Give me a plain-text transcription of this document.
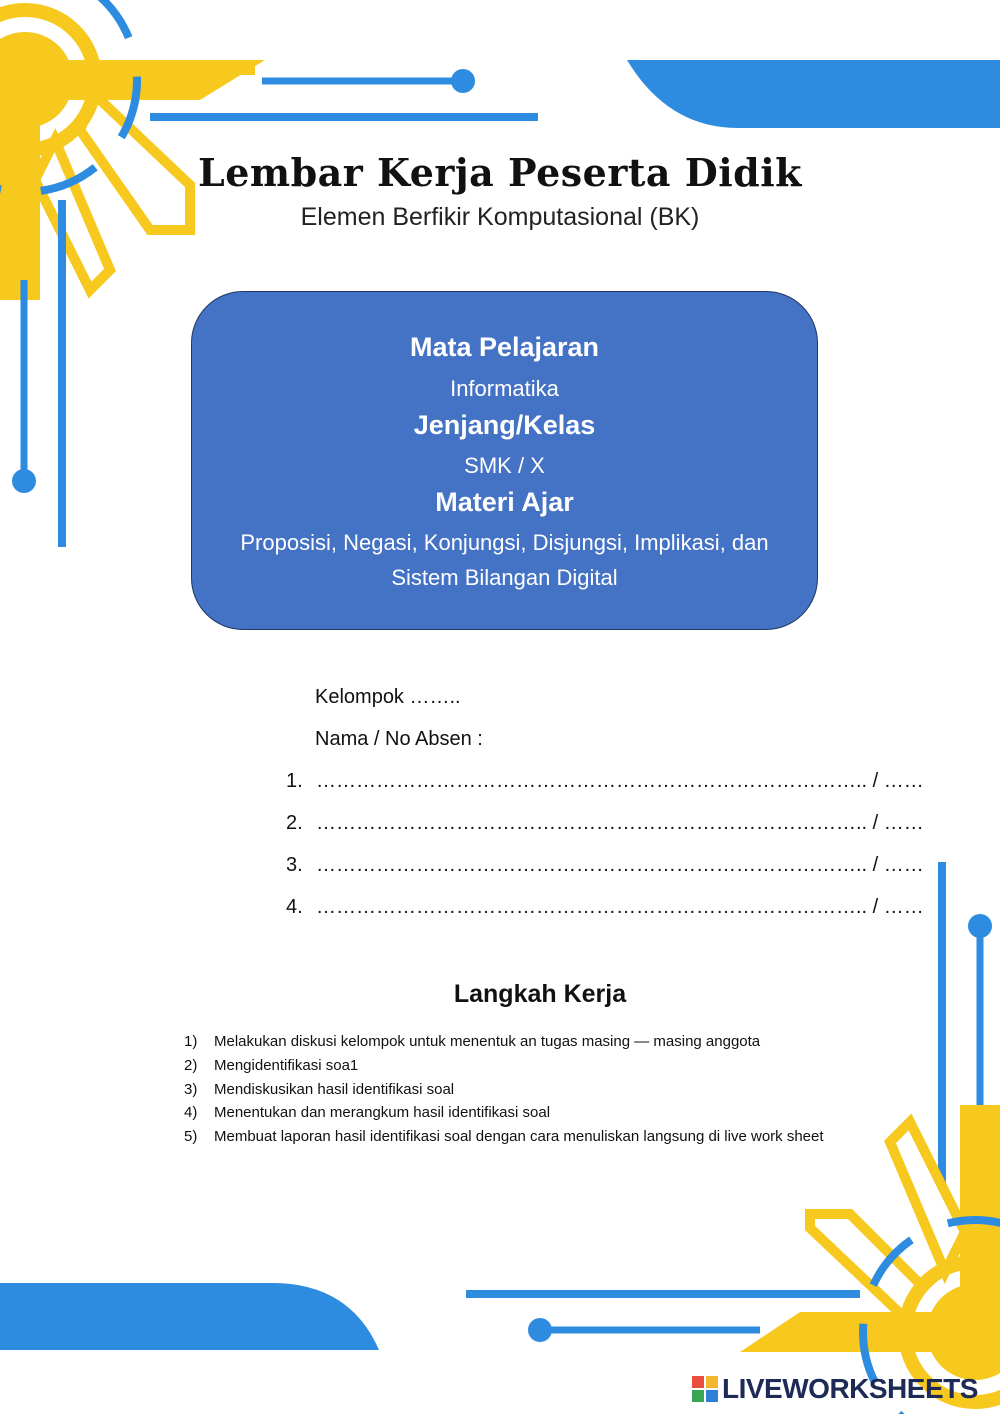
Lembar Kerja Peserta Didik
Elemen Berfikir Komputasional (BK)
Mata Pelajaran
Informatika
Jenjang/Kelas
SMK / X
Materi Ajar
Proposisi, Negasi, Konjungsi, Disjungsi, Implikasi, dan
Sistem Bilangan Digital
Kelompok ……..
Nama / No Absen :
1. ……………………………………………………………………….. / ……
2. ……………………………………………………………………….. / ……
3. ……………………………………………………………………….. / ……
4. ……………………………………………………………………….. / ……
Langkah Kerja
1) Melakukan diskusi kelompok untuk menentuk an tugas masing — masing anggota
2) Mengidentifikasi soa1
3) Mendiskusikan hasil identifikasi soal
4) Menentukan dan merangkum hasil identifikasi soal
5) Membuat laporan hasil identifikasi soal dengan cara menuliskan langsung di live work sheet
LIVEWORKSHEETS
